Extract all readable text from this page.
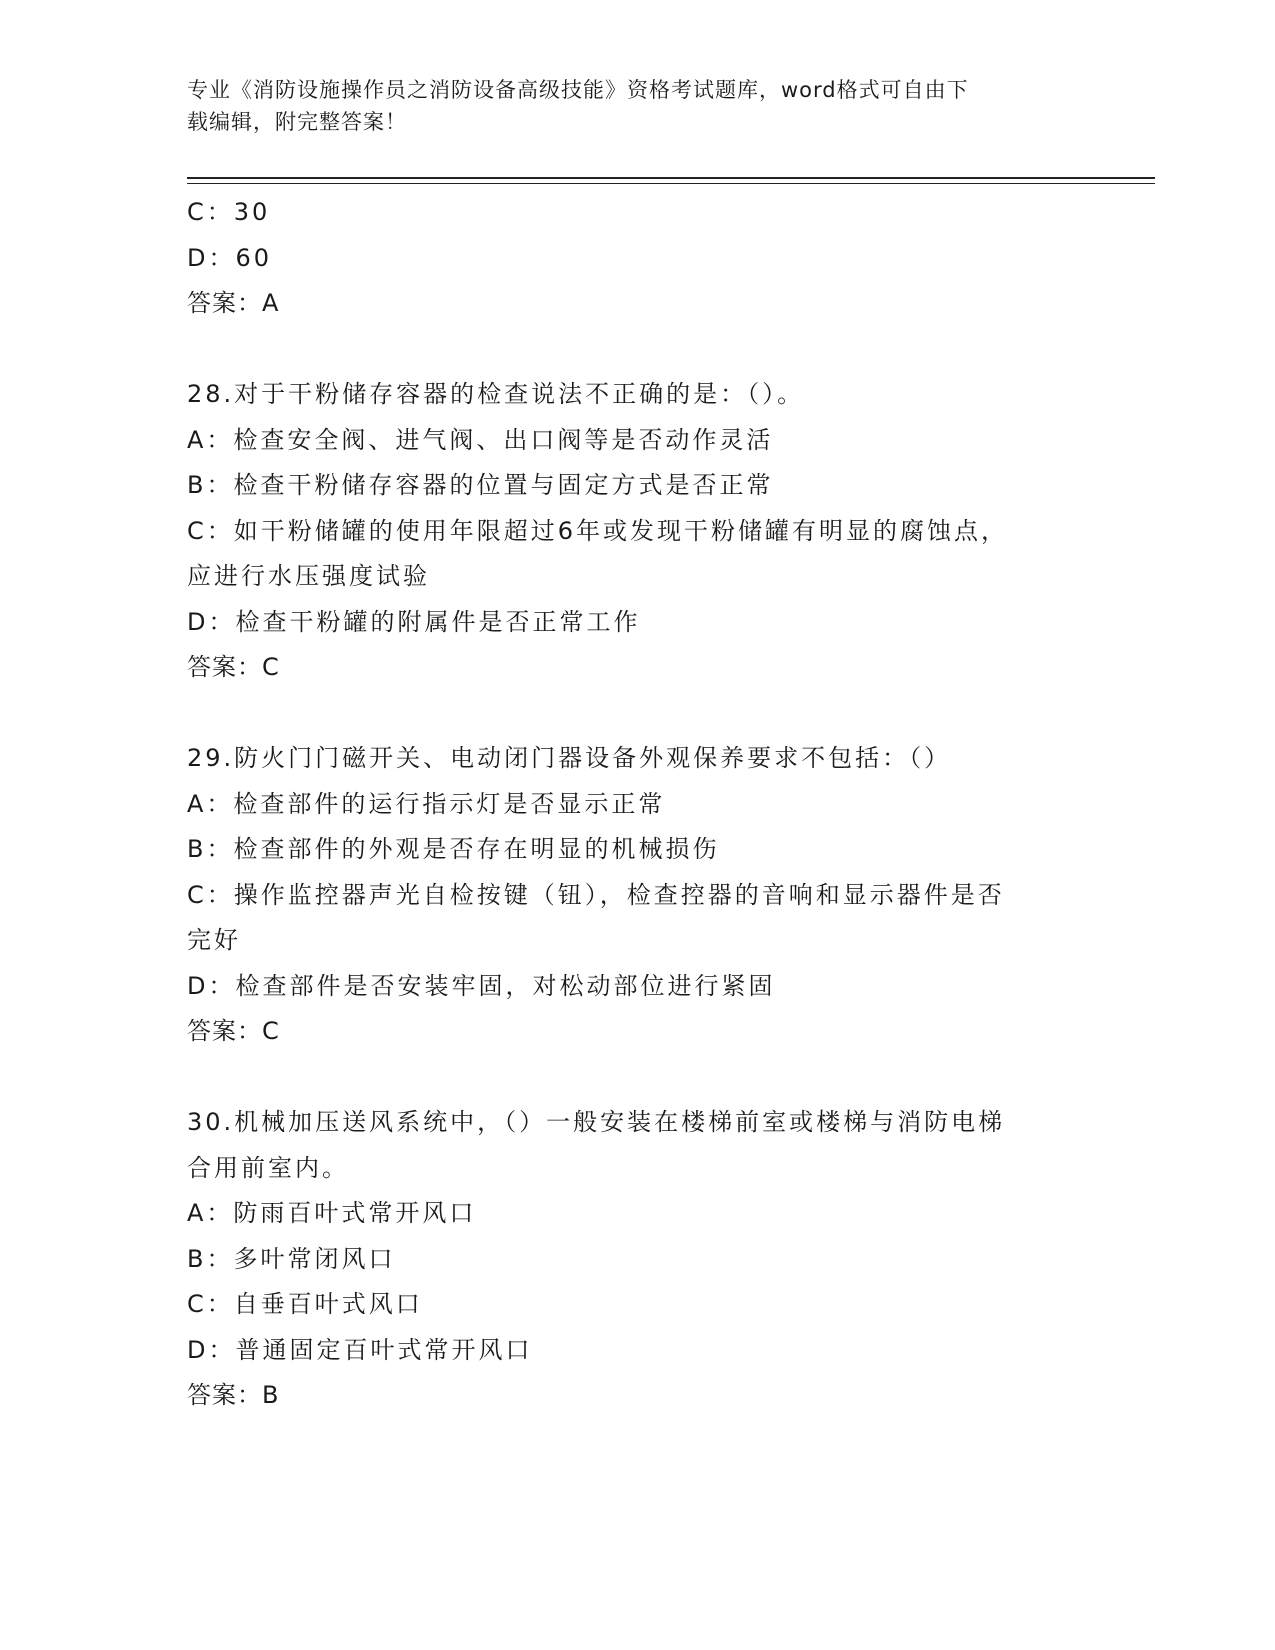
专业《消防设施操作员之消防设备高级技能》资格考试题库，word格式可自由下
载编辑，附完整答案！
C：30
D：60
答案：A
28.对于干粉储存容器的检查说法不正确的是：（）。
A：检查安全阀、进气阀、出口阀等是否动作灵活
B：检查干粉储存容器的位置与固定方式是否正常
C：如干粉储罐的使用年限超过6年或发现干粉储罐有明显的腐蚀点，
应进行水压强度试验
D：检查干粉罐的附属件是否正常工作
答案：C
29.防火门门磁开关、电动闭门器设备外观保养要求不包括：（）
A：检查部件的运行指示灯是否显示正常
B：检查部件的外观是否存在明显的机械损伤
C：操作监控器声光自检按键（钮），检查控器的音响和显示器件是否
完好
D：检查部件是否安装牢固，对松动部位进行紧固
答案：C
30.机械加压送风系统中，（）一般安装在楼梯前室或楼梯与消防电梯
合用前室内。
A：防雨百叶式常开风口
B：多叶常闭风口
C：自垂百叶式风口
D：普通固定百叶式常开风口
答案：B
